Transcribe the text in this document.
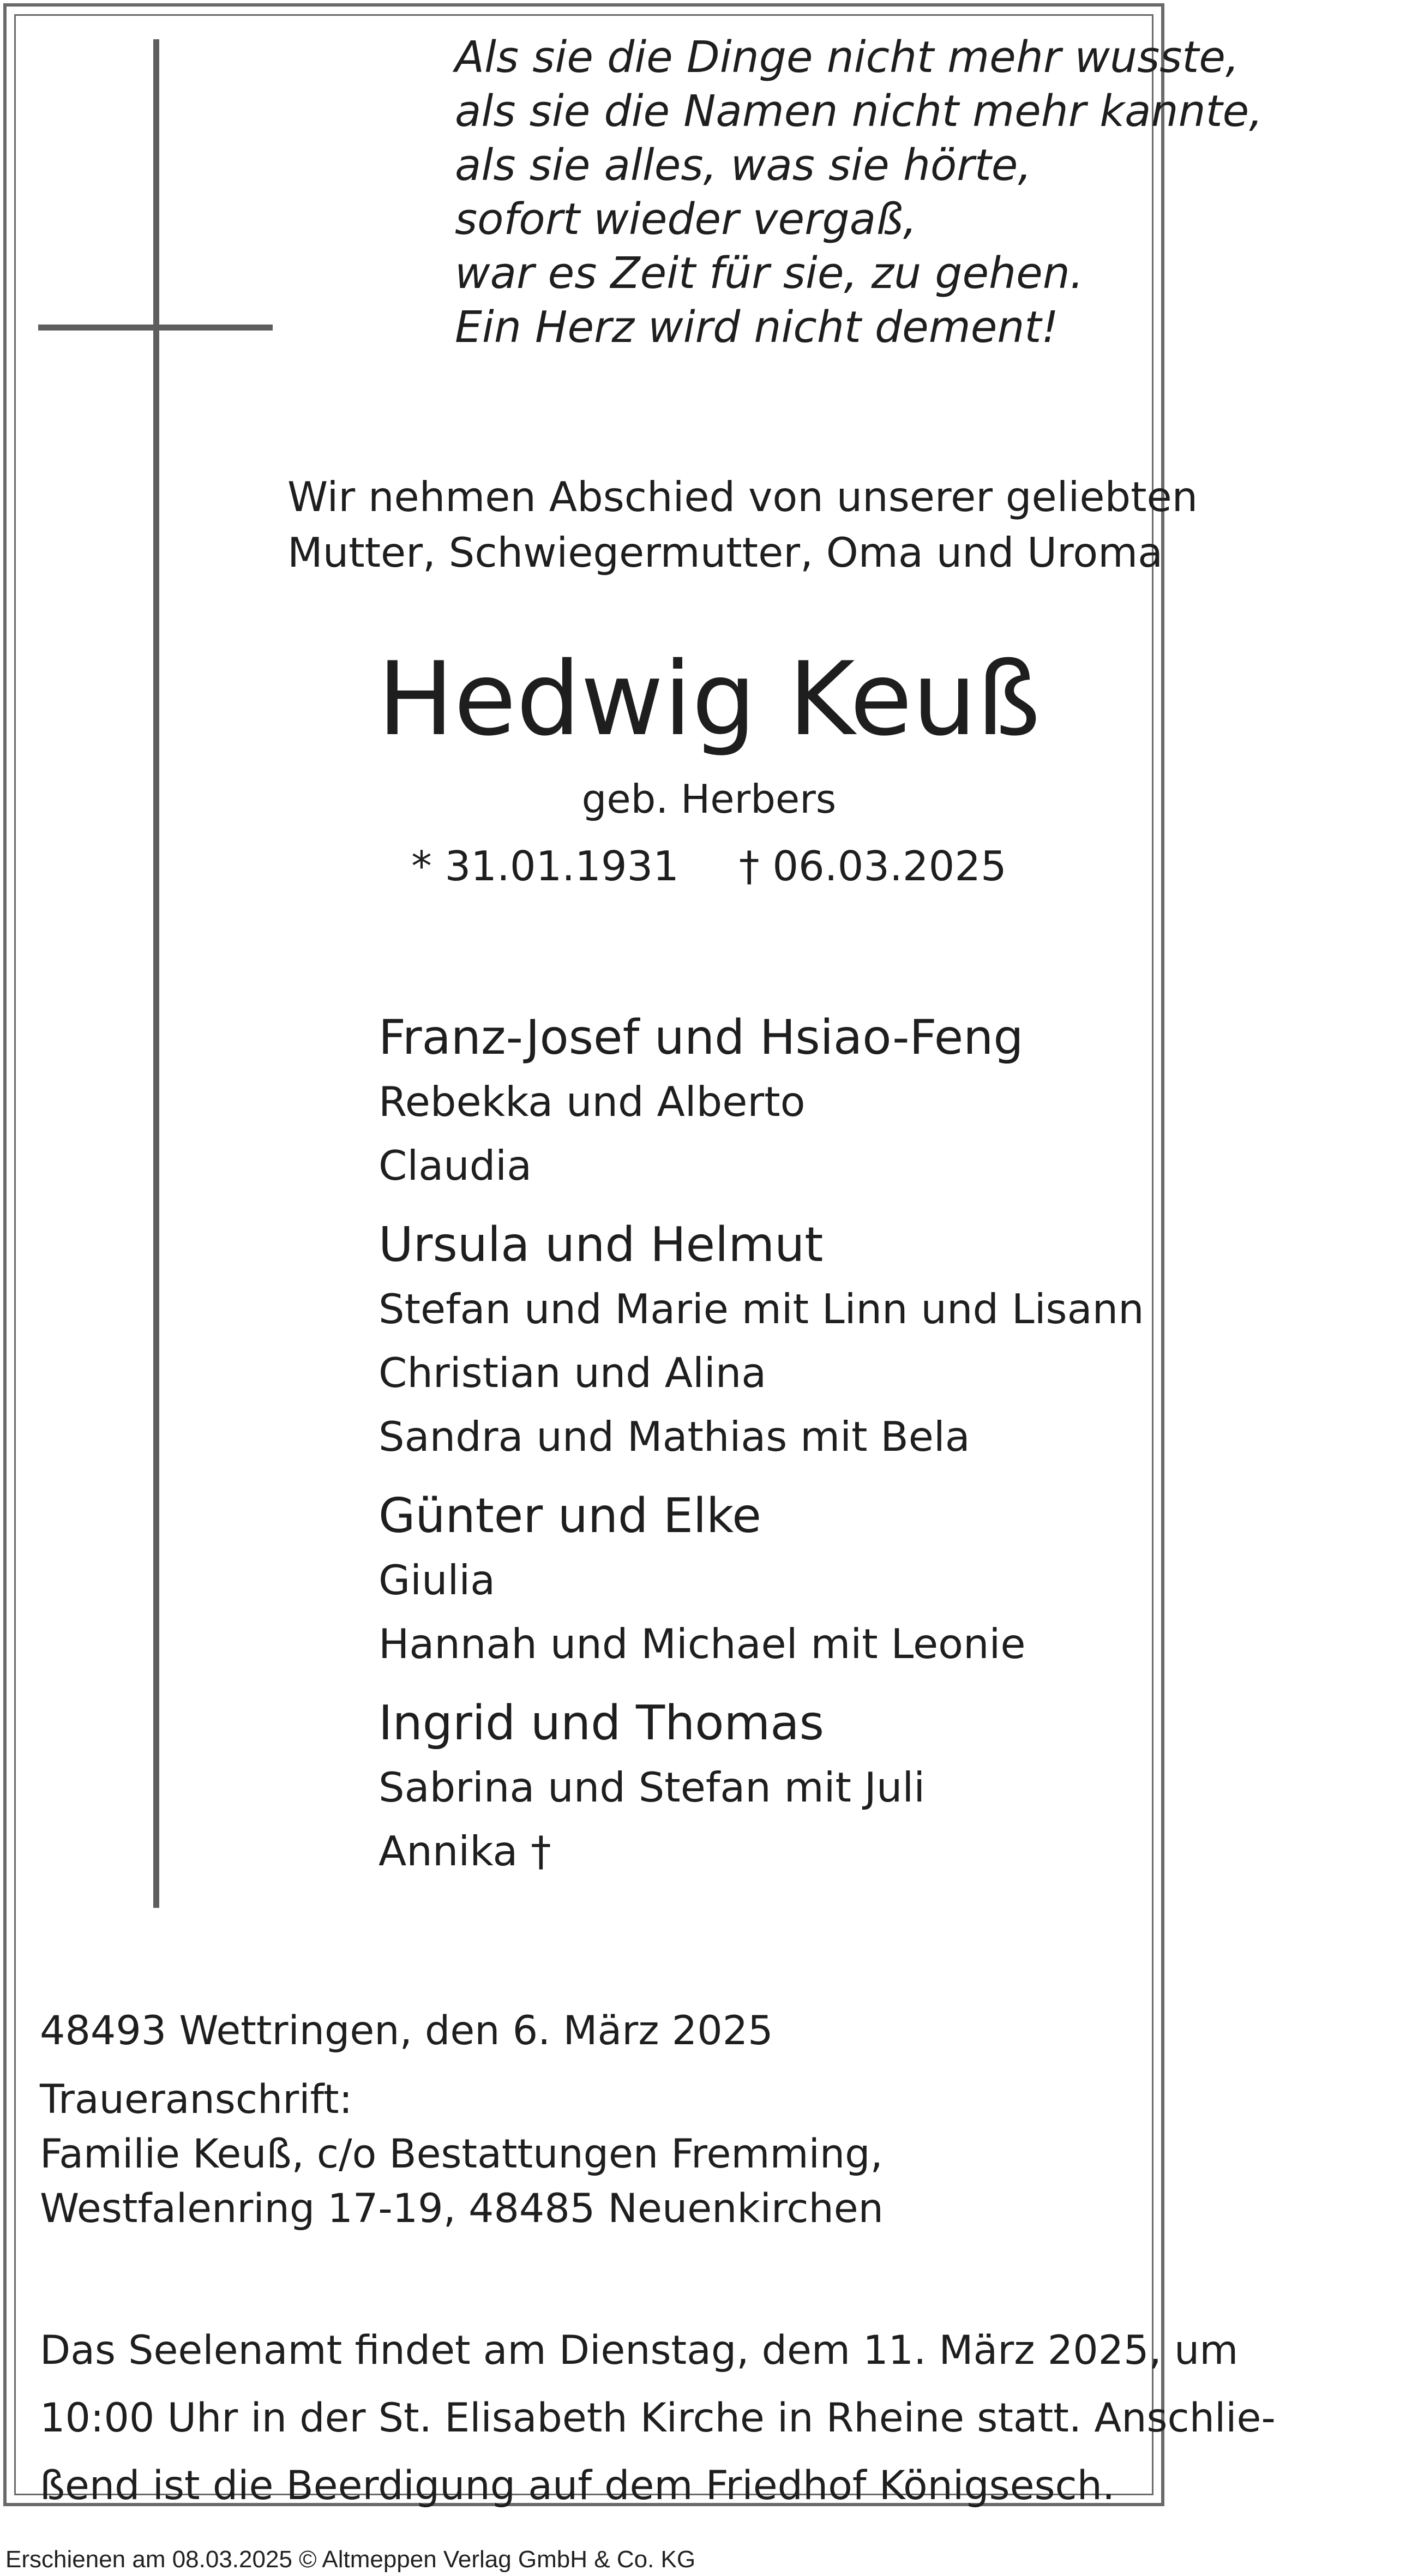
Als sie die Dinge nicht mehr wusste,
als sie die Namen nicht mehr kannte,
als sie alles, was sie hörte,
sofort wieder vergaß,
war es Zeit für sie, zu gehen.
Ein Herz wird nicht dement!
Wir nehmen Abschied von unserer geliebten
Mutter, Schwiegermutter, Oma und Uroma
Hedwig Keuß
geb. Herbers
* 31.01.1931 † 06.03.2025
Franz-Josef und Hsiao-Feng
Rebekka und Alberto
Claudia
Ursula und Helmut
Stefan und Marie mit Linn und Lisann
Christian und Alina
Sandra und Mathias mit Bela
Günter und Elke
Giulia
Hannah und Michael mit Leonie
Ingrid und Thomas
Sabrina und Stefan mit Juli
Annika †
48493 Wettringen, den 6. März 2025
Traueranschrift:
Familie Keuß, c/o Bestattungen Fremming,
Westfalenring 17-19, 48485 Neuenkirchen
Das Seelenamt findet am Dienstag, dem 11. März 2025, um
10:00 Uhr in der St. Elisabeth Kirche in Rheine statt. Anschlie-
ßend ist die Beerdigung auf dem Friedhof Königsesch.
Erschienen am 08.03.2025 © Altmeppen Verlag GmbH & Co. KG
